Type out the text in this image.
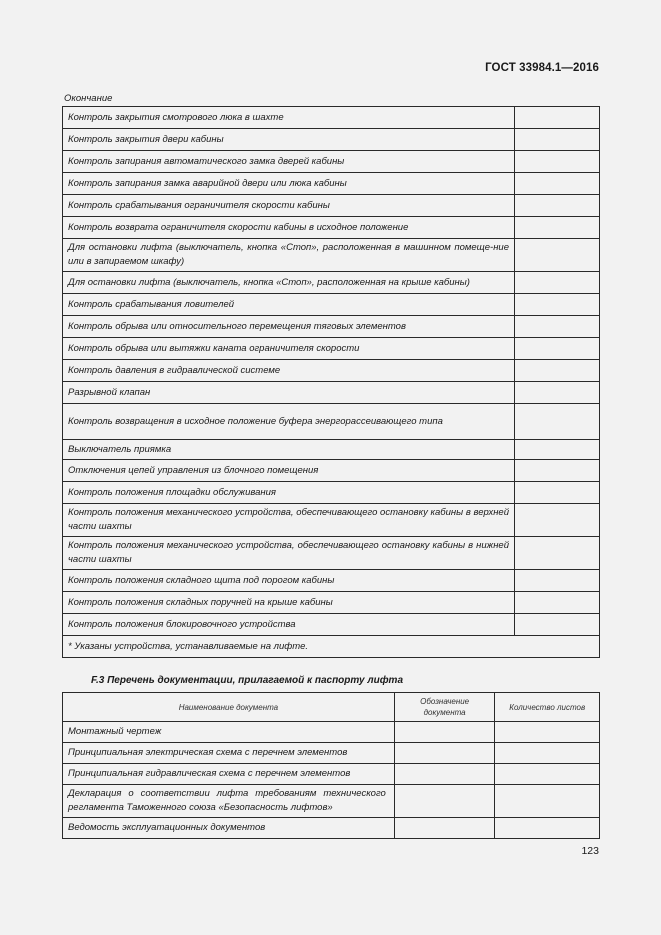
ГОСТ 33984.1—2016
Окончание
Контроль закрытия смотрового люка в шахте	
Контроль закрытия двери кабины	
Контроль запирания автоматического замка дверей кабины	
Контроль запирания замка аварийной двери или люка кабины	
Контроль срабатывания ограничителя скорости кабины	
Контроль возврата ограничителя скорости кабины в исходное положение	
Для остановки лифта (выключатель, кнопка «Стоп», расположенная в машинном помеще-ние или в запираемом шкафу)	
Для остановки лифта (выключатель, кнопка «Стоп», расположенная на крыше кабины)	
Контроль срабатывания ловителей	
Контроль обрыва или относительного перемещения тяговых элементов	
Контроль обрыва или вытяжки каната ограничителя скорости	
Контроль давления в гидравлической системе	
Разрывной клапан	
Контроль возвращения в исходное положение буфера энергорассеивающего типа	
Выключатель приямка	
Отключения цепей управления из блочного помещения	
Контроль положения площадки обслуживания	
Контроль положения механического устройства, обеспечивающего остановку кабины в верхней части шахты	
Контроль положения механического устройства, обеспечивающего остановку кабины в нижней части шахты	
Контроль положения складного щита под порогом кабины	
Контроль положения складных поручней на крыше кабины	
Контроль положения блокировочного устройства	
* Указаны устройства, устанавливаемые на лифте.	
F.3 Перечень документации, прилагаемой к паспорту лифта
Наименование документа	Обозначение документа	Количество листов
Монтажный чертеж		
Принципиальная электрическая схема с перечнем элементов		
Принципиальная гидравлическая схема с перечнем элементов		
Декларация о соответствии лифта требованиям технического регламента Таможенного союза «Безопасность лифтов»		
Ведомость эксплуатационных документов		
123
